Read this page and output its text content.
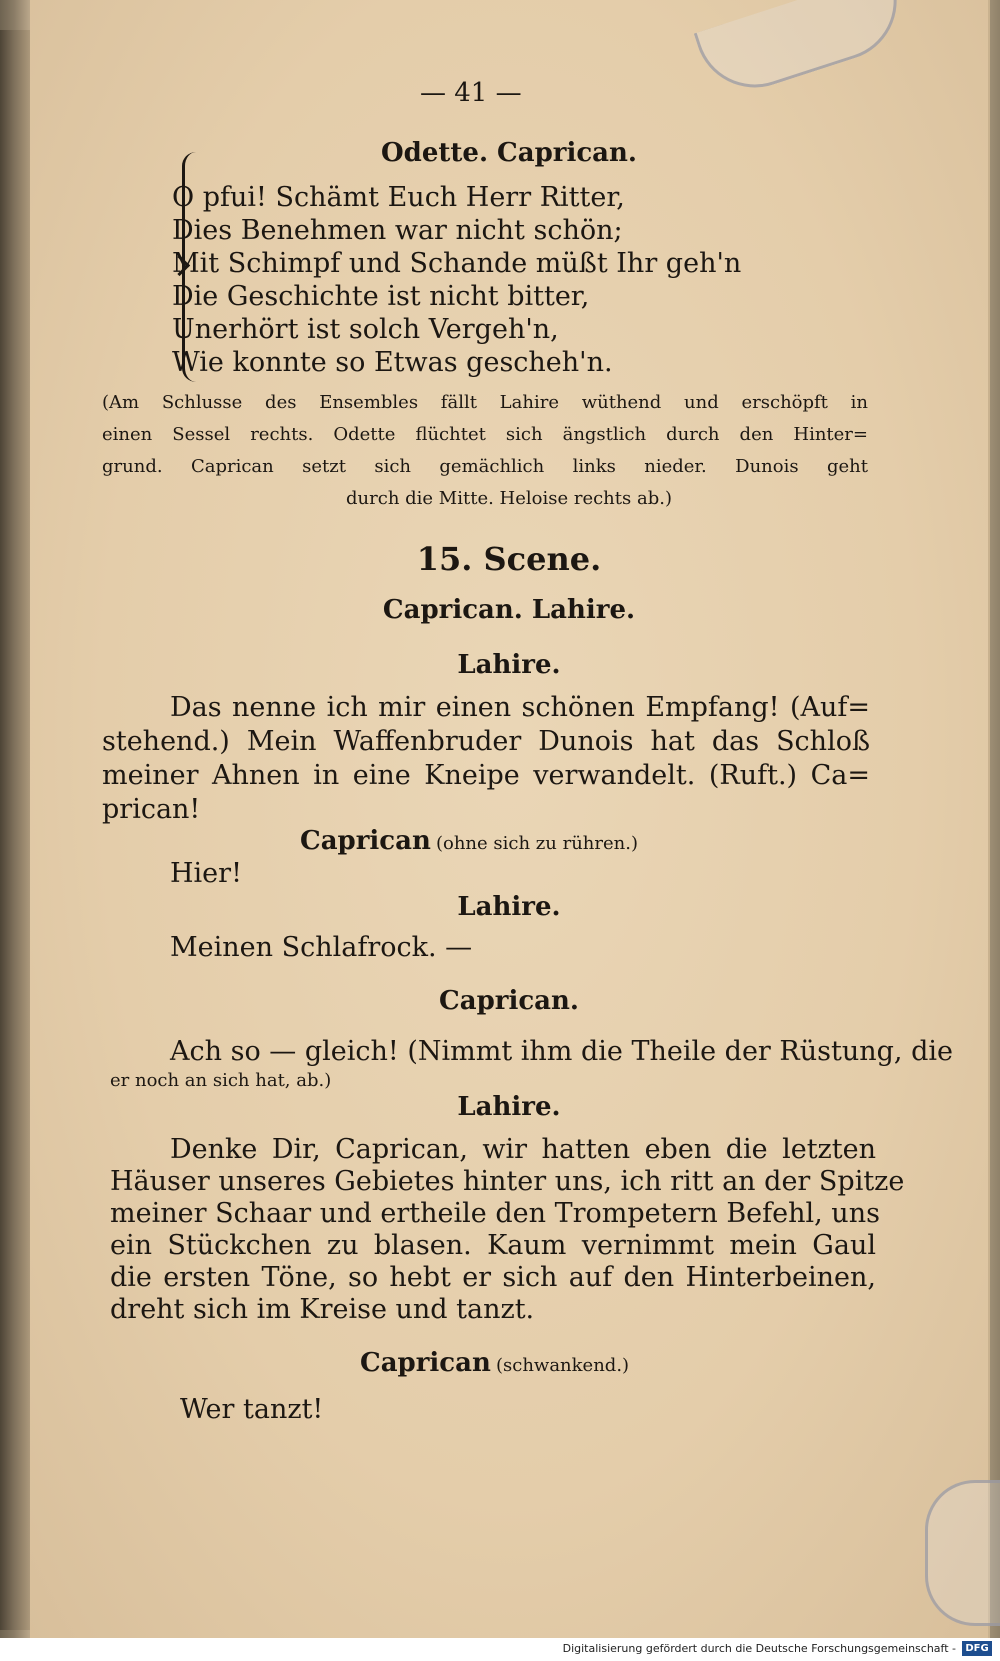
— 41 —
Odette. Caprican.
O pfui! Schämt Euch Herr Ritter,
Dies Benehmen war nicht schön;
Mit Schimpf und Schande müßt Ihr geh'n
Die Geschichte ist nicht bitter,
Unerhört ist solch Vergeh'n,
Wie konnte so Etwas gescheh'n.
(Am Schlusse des Ensembles fällt Lahire wüthend und erschöpft in
einen Sessel rechts. Odette flüchtet sich ängstlich durch den Hinter=
grund. Caprican setzt sich gemächlich links nieder. Dunois geht
durch die Mitte. Heloise rechts ab.)
15. Scene.
Caprican. Lahire.
Lahire.
Das nenne ich mir einen schönen Empfang! (Auf=
stehend.) Mein Waffenbruder Dunois hat das Schloß
meiner Ahnen in eine Kneipe verwandelt. (Ruft.) Ca=
prican!
Caprican (ohne sich zu rühren.)
Hier!
Lahire.
Meinen Schlafrock. —
Caprican.
Ach so — gleich! (Nimmt ihm die Theile der Rüstung, die
er noch an sich hat, ab.)
Lahire.
Denke Dir, Caprican, wir hatten eben die letzten
Häuser unseres Gebietes hinter uns, ich ritt an der Spitze
meiner Schaar und ertheile den Trompetern Befehl, uns
ein Stückchen zu blasen. Kaum vernimmt mein Gaul
die ersten Töne, so hebt er sich auf den Hinterbeinen,
dreht sich im Kreise und tanzt.
Caprican (schwankend.)
Wer tanzt!
Digitalisierung gefördert durch die Deutsche Forschungsgemeinschaft - DFG
